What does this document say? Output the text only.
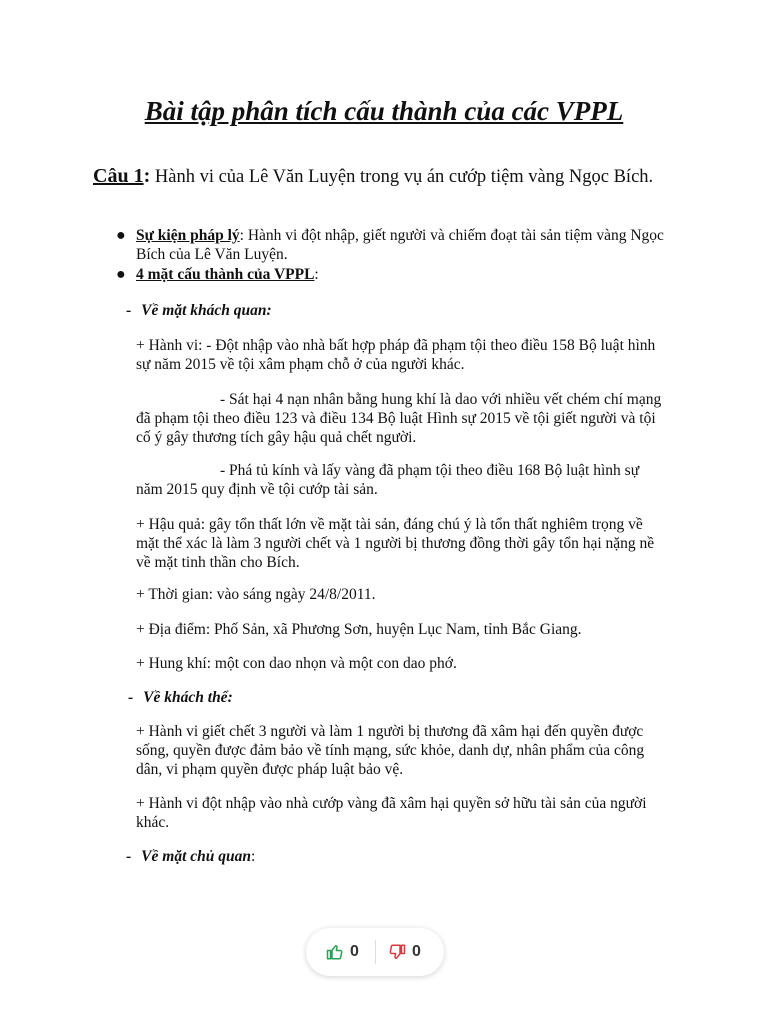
Bài tập phân tích cấu thành của các VPPL
Câu 1: Hành vi của Lê Văn Luyện trong vụ án cướp tiệm vàng Ngọc Bích.
● Sự kiện pháp lý: Hành vi đột nhập, giết người và chiếm đoạt tài sản tiệm vàng Ngọc Bích của Lê Văn Luyện.
● 4 mặt cấu thành của VPPL:
- Về mặt khách quan:
+ Hành vi: - Đột nhập vào nhà bất hợp pháp đã phạm tội theo điều 158 Bộ luật hình sự năm 2015 về tội xâm phạm chỗ ở của người khác.
- Sát hại 4 nạn nhân bằng hung khí là dao với nhiều vết chém chí mạng đã phạm tội theo điều 123 và điều 134 Bộ luật Hình sự 2015 về tội giết người và tội cố ý gây thương tích gây hậu quả chết người.
- Phá tủ kính và lấy vàng đã phạm tội theo điều 168 Bộ luật hình sự năm 2015 quy định về tội cướp tài sản.
+ Hậu quả: gây tổn thất lớn về mặt tài sản, đáng chú ý là tổn thất nghiêm trọng về mặt thể xác là làm 3 người chết và 1 người bị thương đồng thời gây tổn hại nặng nề về mặt tinh thần cho Bích.
+ Thời gian: vào sáng ngày 24/8/2011.
+ Địa điểm: Phố Sản, xã Phương Sơn, huyện Lục Nam, tỉnh Bắc Giang.
+ Hung khí: một con dao nhọn và một con dao phớ.
- Về khách thể:
+ Hành vi giết chết 3 người và làm 1 người bị thương đã xâm hại đến quyền được sống, quyền được đảm bảo về tính mạng, sức khỏe, danh dự, nhân phẩm của công dân, vi phạm quyền được pháp luật bảo vệ.
+ Hành vi đột nhập vào nhà cướp vàng đã xâm hại quyền sở hữu tài sản của người khác.
- Về mặt chủ quan:
0	0
